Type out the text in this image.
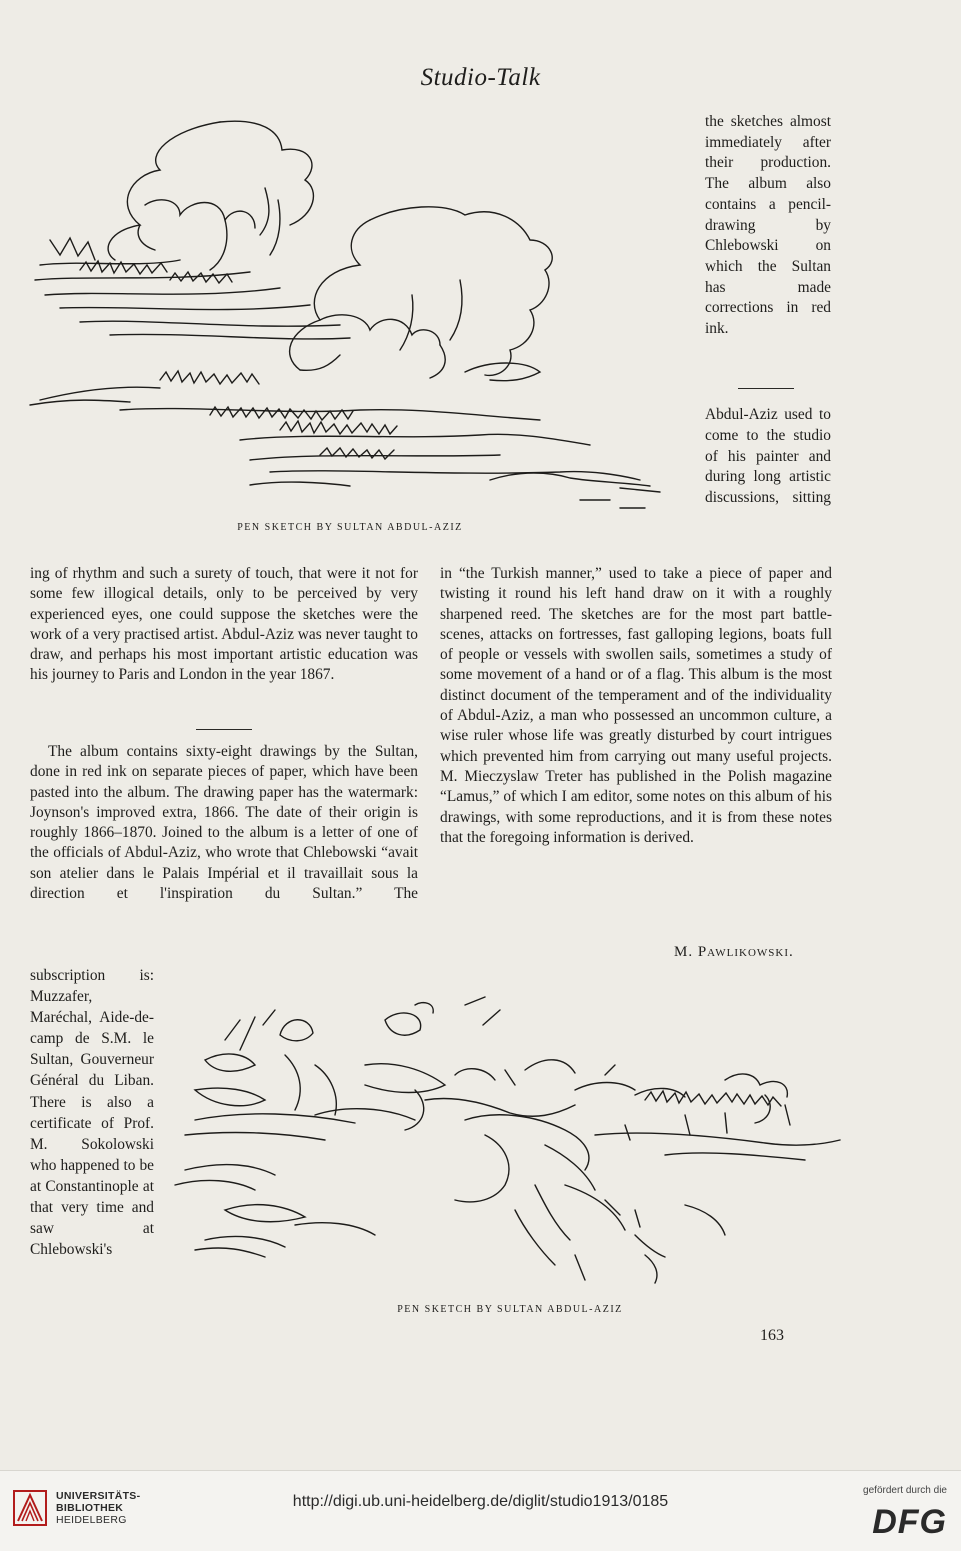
Studio-Talk
PEN SKETCH BY SULTAN ABDUL-AZIZ
the sketches almost immediately after their production. The album also contains a pencil-drawing by Chlebowski on which the Sultan has made corrections in red ink.
Abdul-Aziz used to come to the studio of his painter and during long artistic discussions, sitting
ing of rhythm and such a surety of touch, that were it not for some few illogical details, only to be perceived by very experienced eyes, one could suppose the sketches were the work of a very practised artist. Abdul-Aziz was never taught to draw, and perhaps his most important artistic education was his journey to Paris and London in the year 1867.
The album contains sixty-eight drawings by the Sultan, done in red ink on separate pieces of paper, which have been pasted into the album. The drawing paper has the watermark: Joynson's improved extra, 1866. The date of their origin is roughly 1866–1870. Joined to the album is a letter of one of the officials of Abdul-Aziz, who wrote that Chlebowski “avait son atelier dans le Palais Impérial et il travaillait sous la direction et l'inspiration du Sultan.” The
subscription is: Muzzafer, Maréchal, Aide-de-camp de S.M. le Sultan, Gouverneur Général du Liban. There is also a certificate of Prof. M. Sokolowski who happened to be at Constantinople at that very time and saw at Chlebowski's
in “the Turkish manner,” used to take a piece of paper and twisting it round his left hand draw on it with a roughly sharpened reed. The sketches are for the most part battle-scenes, attacks on fortresses, fast galloping legions, boats full of people or vessels with swollen sails, sometimes a study of some movement of a hand or of a flag. This album is the most distinct document of the temperament and of the individuality of Abdul-Aziz, a man who possessed an uncommon culture, a wise ruler whose life was greatly disturbed by court intrigues which prevented him from carrying out many useful projects. M. Mieczyslaw Treter has published in the Polish magazine “Lamus,” of which I am editor, some notes on this album of his drawings, with some reproductions, and it is from these notes that the foregoing information is derived.
M. Pawlikowski.
PEN SKETCH BY SULTAN ABDUL-AZIZ
163
UNIVERSITÄTS-
BIBLIOTHEK
HEIDELBERG
http://digi.ub.uni-heidelberg.de/diglit/studio1913/0185
gefördert durch die
DFG
